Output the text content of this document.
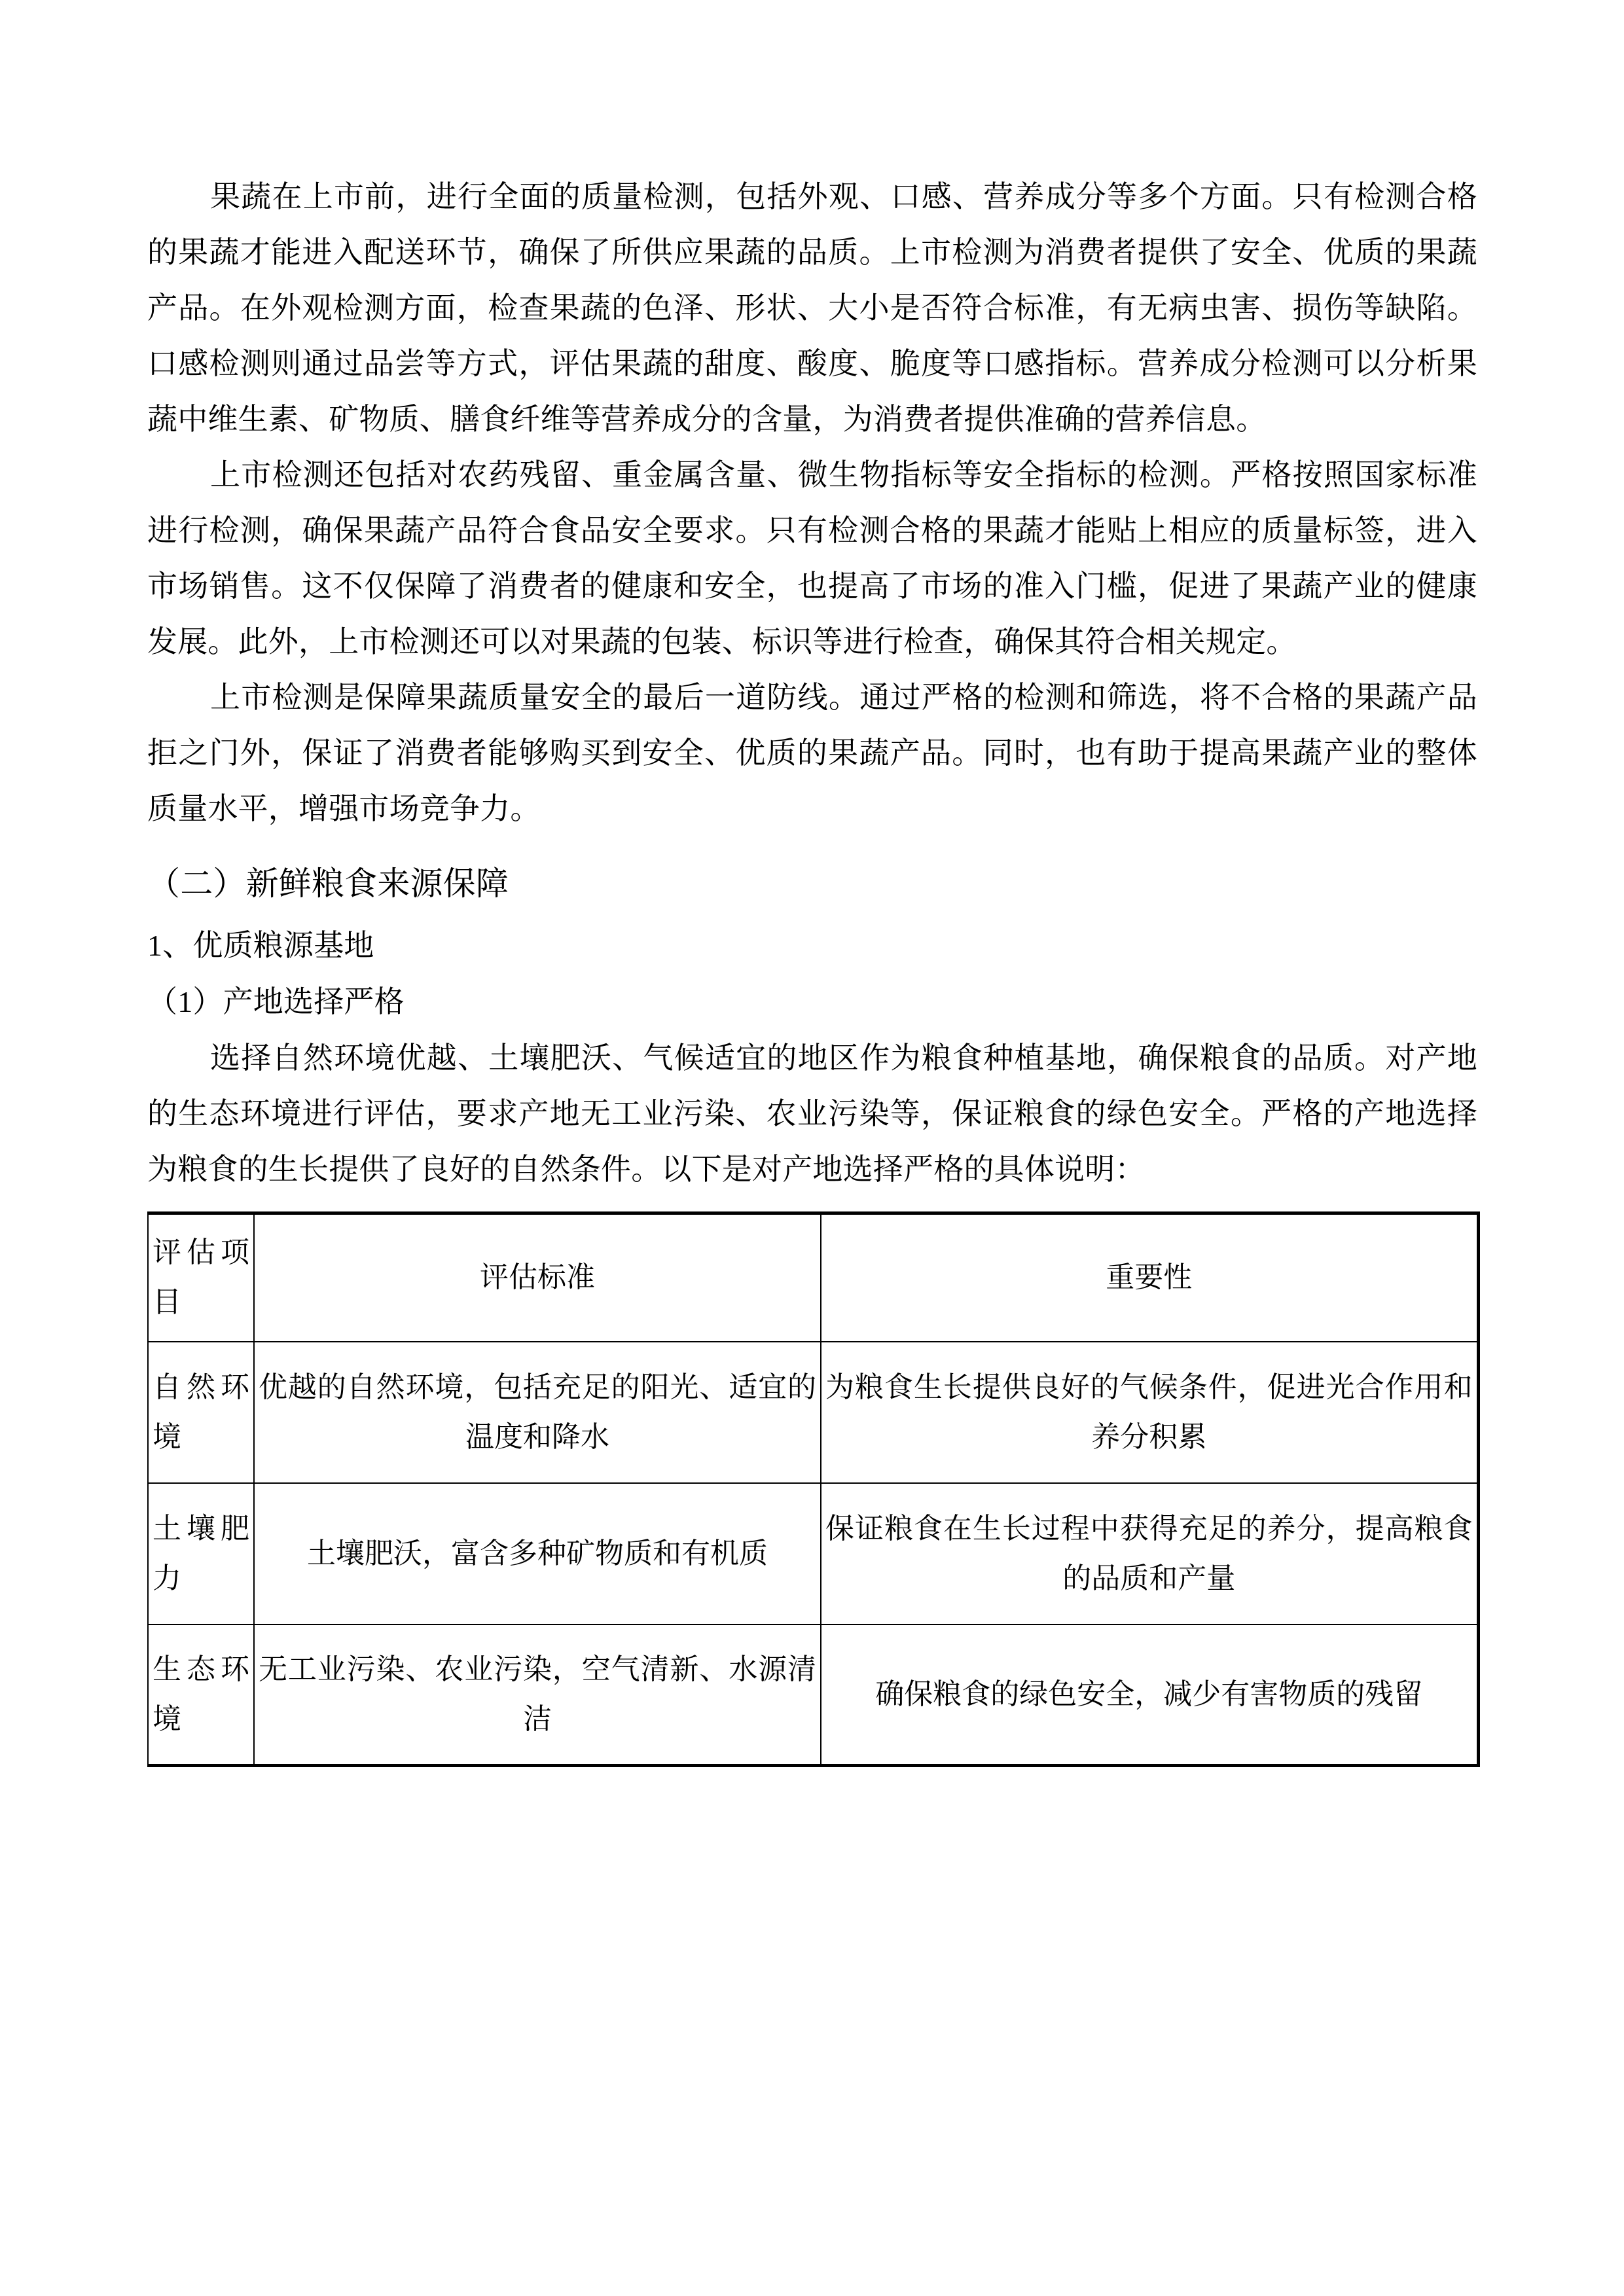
果蔬在上市前，进行全面的质量检测，包括外观、口感、营养成分等多个方面。只有检测合格的果蔬才能进入配送环节，确保了所供应果蔬的品质。上市检测为消费者提供了安全、优质的果蔬产品。在外观检测方面，检查果蔬的色泽、形状、大小是否符合标准，有无病虫害、损伤等缺陷。口感检测则通过品尝等方式，评估果蔬的甜度、酸度、脆度等口感指标。营养成分检测可以分析果蔬中维生素、矿物质、膳食纤维等营养成分的含量，为消费者提供准确的营养信息。

上市检测还包括对农药残留、重金属含量、微生物指标等安全指标的检测。严格按照国家标准进行检测，确保果蔬产品符合食品安全要求。只有检测合格的果蔬才能贴上相应的质量标签，进入市场销售。这不仅保障了消费者的健康和安全，也提高了市场的准入门槛，促进了果蔬产业的健康发展。此外，上市检测还可以对果蔬的包装、标识等进行检查，确保其符合相关规定。

上市检测是保障果蔬质量安全的最后一道防线。通过严格的检测和筛选，将不合格的果蔬产品拒之门外，保证了消费者能够购买到安全、优质的果蔬产品。同时，也有助于提高果蔬产业的整体质量水平，增强市场竞争力。

（二）新鲜粮食来源保障

1、优质粮源基地

（1）产地选择严格

选择自然环境优越、土壤肥沃、气候适宜的地区作为粮食种植基地，确保粮食的品质。对产地的生态环境进行评估，要求产地无工业污染、农业污染等，保证粮食的绿色安全。严格的产地选择为粮食的生长提供了良好的自然条件。以下是对产地选择严格的具体说明：

评估项目	评估标准	重要性
自然环境	优越的自然环境，包括充足的阳光、适宜的温度和降水	为粮食生长提供良好的气候条件，促进光合作用和养分积累
土壤肥力	土壤肥沃，富含多种矿物质和有机质	保证粮食在生长过程中获得充足的养分，提高粮食的品质和产量
生态环境	无工业污染、农业污染，空气清新、水源清洁	确保粮食的绿色安全，减少有害物质的残留
